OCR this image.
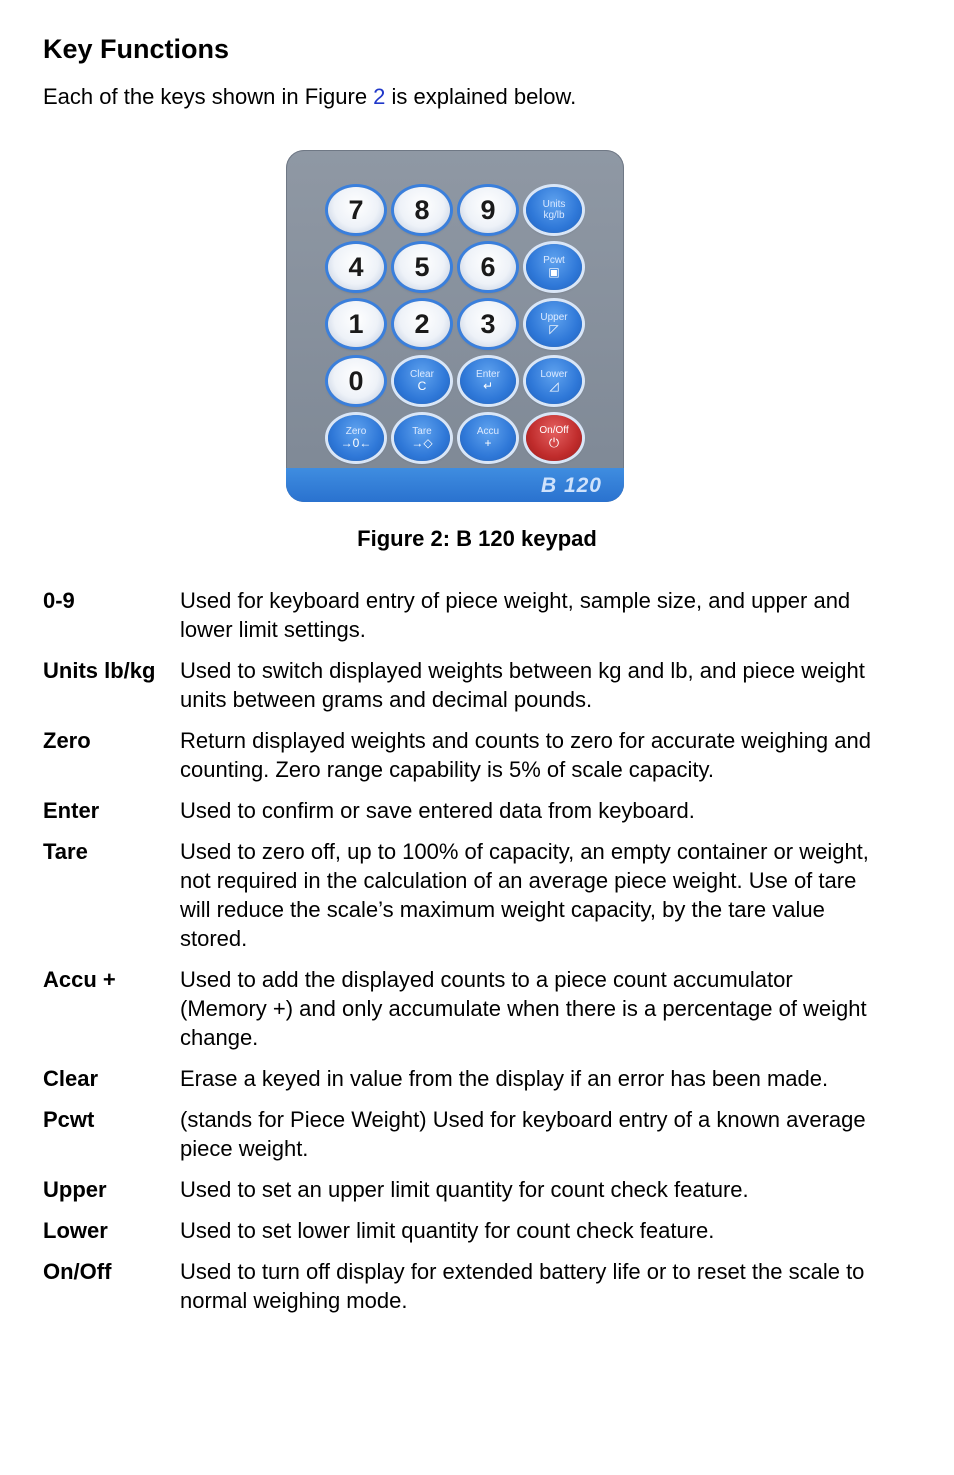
Key Functions

Each of the keys shown in Figure 2 is explained below.

7 8 9	Units
kg/lb
4 5 6	Pcwt
▣
1 2 3	Upper
◸
0	Clear
C
Enter
↵
Lower
◿
Zero
→0←
Tare
→◇
Accu
+
On/Off
⏻
B 120

Figure 2: B 120 keypad

0-9	Used for keyboard entry of piece weight, sample size, and upper and lower limit settings.
Units lb/kg	Used to switch displayed weights between kg and lb, and piece weight units between grams and decimal pounds.
Zero	Return displayed weights and counts to zero for accurate weighing and counting. Zero range capability is 5% of scale capacity.
Enter	Used to confirm or save entered data from keyboard.
Tare	Used to zero off, up to 100% of capacity, an empty container or weight, not required in the calculation of an average piece weight. Use of tare will reduce the scale’s maximum weight capacity, by the tare value stored.
Accu +	Used to add the displayed counts to a piece count accumulator (Memory +) and only accumulate when there is a percentage of weight change.
Clear	Erase a keyed in value from the display if an error has been made.
Pcwt	(stands for Piece Weight) Used for keyboard entry of a known average piece weight.
Upper	Used to set an upper limit quantity for count check feature.
Lower	Used to set lower limit quantity for count check feature.
On/Off	Used to turn off display for extended battery life or to reset the scale to normal weighing mode.
